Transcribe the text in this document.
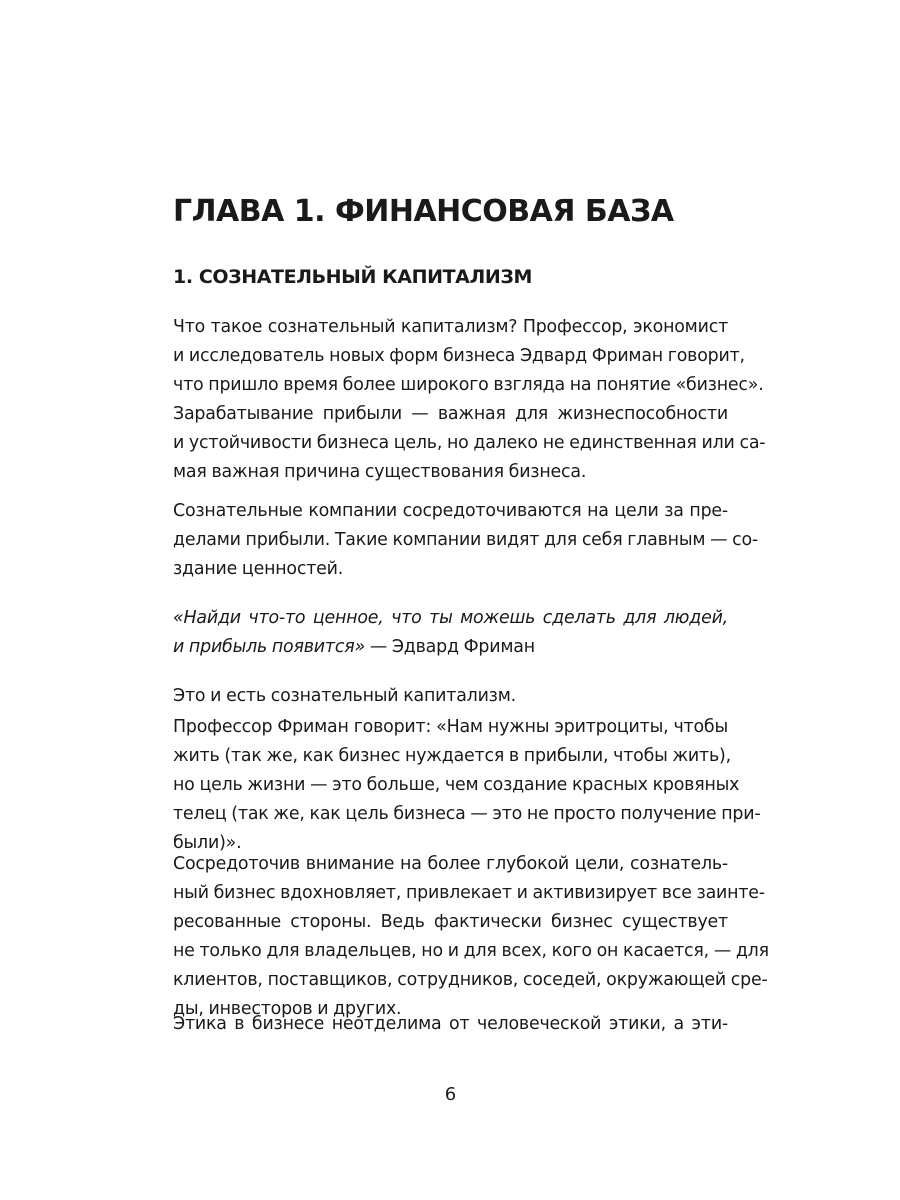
ГЛАВА 1. ФИНАНСОВАЯ БАЗА
1. СОЗНАТЕЛЬНЫЙ КАПИТАЛИЗМ
Что такое сознательный капитализм? Профессор, экономист
и исследователь новых форм бизнеса Эдвард Фриман говорит,
что пришло время более широкого взгляда на понятие «бизнес».
Зарабатывание прибыли — важная для жизнеспособности
и устойчивости бизнеса цель, но далеко не единственная или са-
мая важная причина существования бизнеса.
Сознательные компании сосредоточиваются на цели за пре-
делами прибыли. Такие компании видят для себя главным — со-
здание ценностей.
«Найди что-то ценное, что ты можешь сделать для людей,
и прибыль появится» — Эдвард Фриман
Это и есть сознательный капитализм.
Профессор Фриман говорит: «Нам нужны эритроциты, чтобы
жить (так же, как бизнес нуждается в прибыли, чтобы жить),
но цель жизни — это больше, чем создание красных кровяных
телец (так же, как цель бизнеса — это не просто получение при-
были)».
Сосредоточив внимание на более глубокой цели, сознатель-
ный бизнес вдохновляет, привлекает и активизирует все заинте-
ресованные стороны. Ведь фактически бизнес существует
не только для владельцев, но и для всех, кого он касается, — для
клиентов, поставщиков, сотрудников, соседей, окружающей сре-
ды, инвесторов и других.
Этика в бизнесе неотделима от человеческой этики, а эти-
6
